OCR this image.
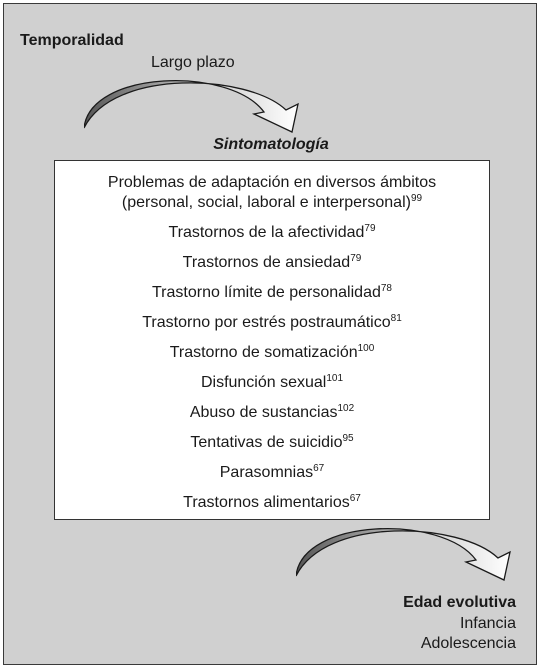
Temporalidad
Largo plazo
Sintomatología
Problemas de adaptación en diversos ámbitos
(personal, social, laboral e interpersonal)$^{99}$
Trastornos de la afectividad$^{79}$
Trastornos de ansiedad$^{79}$
Trastorno límite de personalidad$^{78}$
Trastorno por estrés postraumático$^{81}$
Trastorno de somatización$^{100}$
Disfunción sexual$^{101}$
Abuso de sustancias$^{102}$
Tentativas de suicidio$^{95}$
Parasomnias$^{67}$
Trastornos alimentarios$^{67}$
Edad evolutiva
Infancia
Adolescencia
